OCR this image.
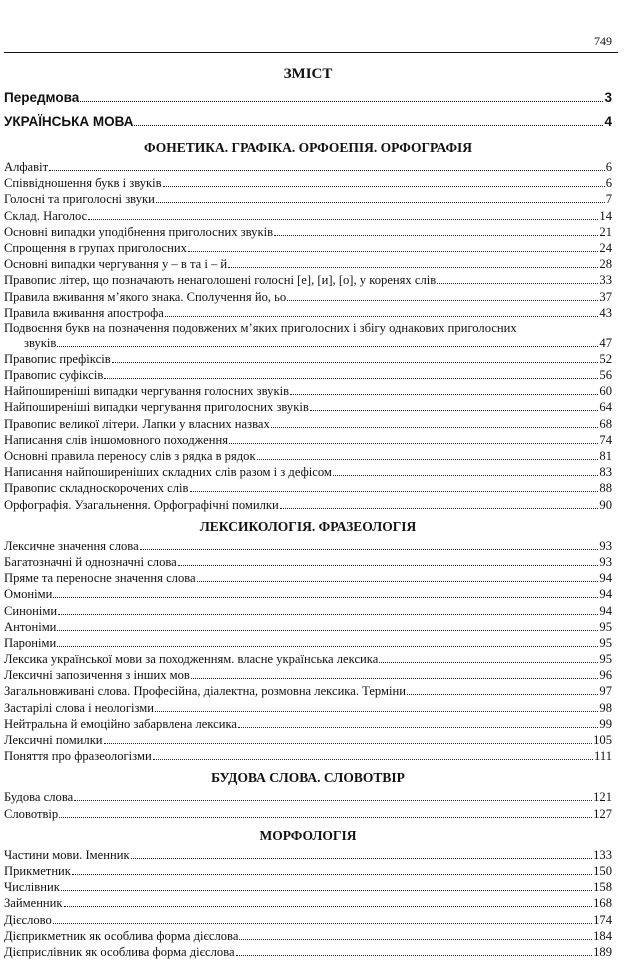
749
ЗМІСТ
Передмова	3
УКРАЇНСЬКА МОВА	4
ФОНЕТИКА. ГРАФІКА. ОРФОЕПІЯ. ОРФОГРАФІЯ
Алфавіт	6
Співвідношення букв і звуків	6
Голосні та приголосні звуки	7
Склад. Наголос	14
Основні випадки уподібнення приголосних звуків	21
Спрощення в групах приголосних	24
Основні випадки чергування у – в та і – й	28
Правопис літер, що позначають ненаголошені голосні [е], [и], [о], у коренях слів	33
Правила вживання м’якого знака. Сполучення йо, ьо	37
Правила вживання апострофа	43
Подвоєння букв на позначення подовжених м’яких приголосних і збігу однакових приголосних
звуків	47
Правопис префіксів	52
Правопис суфіксів	56
Найпоширеніші випадки чергування голосних звуків	60
Найпоширеніші випадки чергування приголосних звуків	64
Правопис великої літери. Лапки у власних назвах	68
Написання слів іншомовного походження	74
Основні правила переносу слів з рядка в рядок	81
Написання найпоширеніших складних слів разом і з дефісом	83
Правопис складноскорочених слів	88
Орфографія. Узагальнення. Орфографічні помилки	90
ЛЕКСИКОЛОГІЯ. ФРАЗЕОЛОГІЯ
Лексичне значення слова	93
Багатозначні й однозначні слова	93
Пряме та переносне значення слова	94
Омоніми	94
Синоніми	94
Антоніми	95
Пароніми	95
Лексика української мови за походженням. власне українська лексика	95
Лексичні запозичення з інших мов	96
Загальновживані слова. Професійна, діалектна, розмовна лексика. Терміни	97
Застарілі слова і неологізми	98
Нейтральна й емоційно забарвлена лексика	99
Лексичні помилки	105
Поняття про фразеологізми	111
БУДОВА СЛОВА. СЛОВОТВІР
Будова слова	121
Словотвір	127
МОРФОЛОГІЯ
Частини мови. Іменник	133
Прикметник	150
Числівник	158
Займенник	168
Дієслово	174
Дієприкметник як особлива форма дієслова	184
Дієприслівник як особлива форма дієслова	189
